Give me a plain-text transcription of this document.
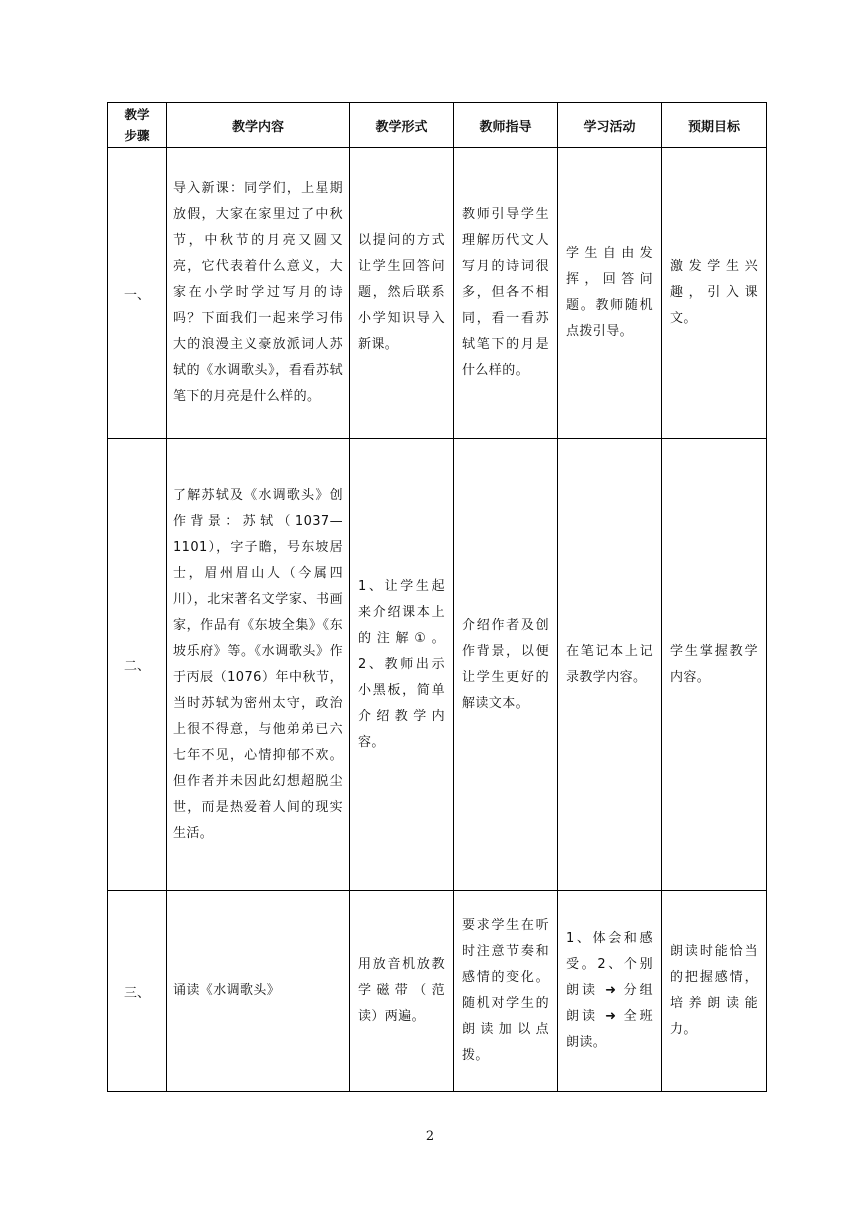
教学步骤	教学内容	教学形式	教师指导	学习活动	预期目标
一、	导入新课：同学们，上星期放假，大家在家里过了中秋节，中秋节的月亮又圆又亮，它代表着什么意义，大家在小学时学过写月的诗吗？下面我们一起来学习伟大的浪漫主义豪放派词人苏轼的《水调歌头》，看看苏轼笔下的月亮是什么样的。	以提问的方式让学生回答问题，然后联系小学知识导入新课。	教师引导学生理解历代文人写月的诗词很多，但各不相同，看一看苏轼笔下的月是什么样的。	学生自由发挥，回答问题。教师随机点拨引导。	激发学生兴趣，引入课文。

二、	了解苏轼及《水调歌头》创作背景：苏轼（1037—1101），字子瞻，号东坡居士，眉州眉山人（今属四川），北宋著名文学家、书画家，作品有《东坡全集》《东坡乐府》等。《水调歌头》作于丙辰（1076）年中秋节，当时苏轼为密州太守，政治上很不得意，与他弟弟已六七年不见，心情抑郁不欢。但作者并未因此幻想超脱尘世，而是热爱着人间的现实生活。	1、让学生起来介绍课本上的注解①。2、教师出示小黑板，简单介绍教学内容。	介绍作者及创作背景，以便让学生更好的解读文本。	在笔记本上记录教学内容。	学生掌握教学内容。

三、	诵读《水调歌头》	用放音机放教学磁带（范读）两遍。	要求学生在听时注意节奏和感情的变化。随机对学生的朗读加以点拨。	1、体会和感受。2、个别朗读 ➜ 分组朗读 ➜ 全班朗读。	朗读时能恰当的把握感情，培养朗读能力。
2
